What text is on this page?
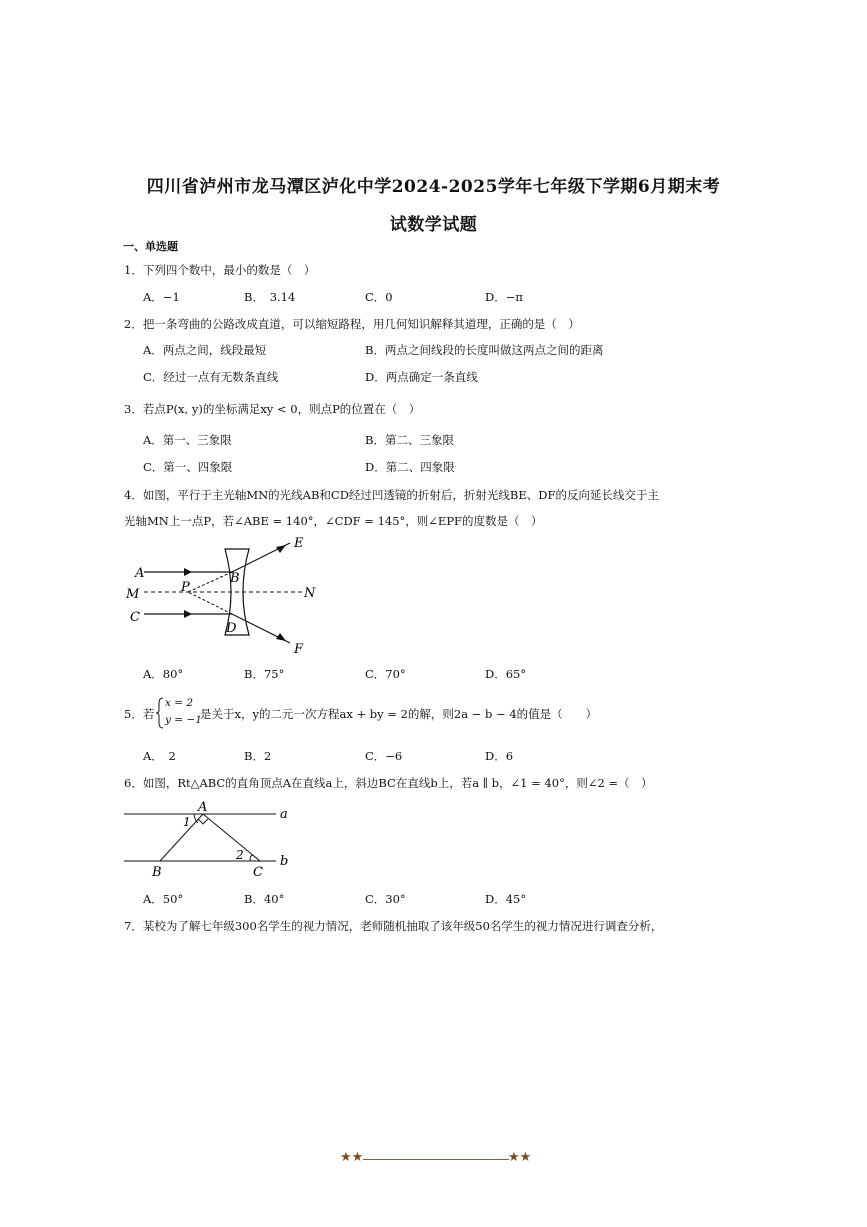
四川省泸州市龙马潭区泸化中学2024-2025学年七年级下学期6月期末考
试数学试题
一、单选题
1．下列四个数中，最小的数是（　）
A．−1	B．　3.14	C．0	D．−π
2．把一条弯曲的公路改成直道，可以缩短路程，用几何知识解释其道理，正确的是（　）
A．两点之间，线段最短	B．两点之间线段的长度叫做这两点之间的距离
C．经过一点有无数条直线	D．两点确定一条直线
3．若点P(x, y)的坐标满足xy < 0，则点P的位置在（　）
A．第一、三象限	B．第二、三象限
C．第一、四象限	D．第二、四象限
4．如图，平行于主光轴MN的光线AB和CD经过凹透镜的折射后，折射光线BE、DF的反向延长线交于主
光轴MN上一点P，若∠ABE = 140°，∠CDF = 145°，则∠EPF的度数是（　）
A	B
P
M	N
C
D
E
F
A．80°	B．75°	C．70°	D．65°
5．若
x = 2
y = −1
是关于x，y的二元一次方程ax + by = 2的解，则2a − b − 4的值是（　　）
A．　2	B．2	C．−6	D．6
6．如图，Rt△ABC的直角顶点A在直线a上，斜边BC在直线b上，若a ∥ b，∠1 = 40°，则∠2 =（　）
A
1	a
2	b
B	C
A．50°	B．40°	C．30°	D．45°
7．某校为了解七年级300名学生的视力情况，老师随机抽取了该年级50名学生的视力情况进行调查分析，
★★	★★
